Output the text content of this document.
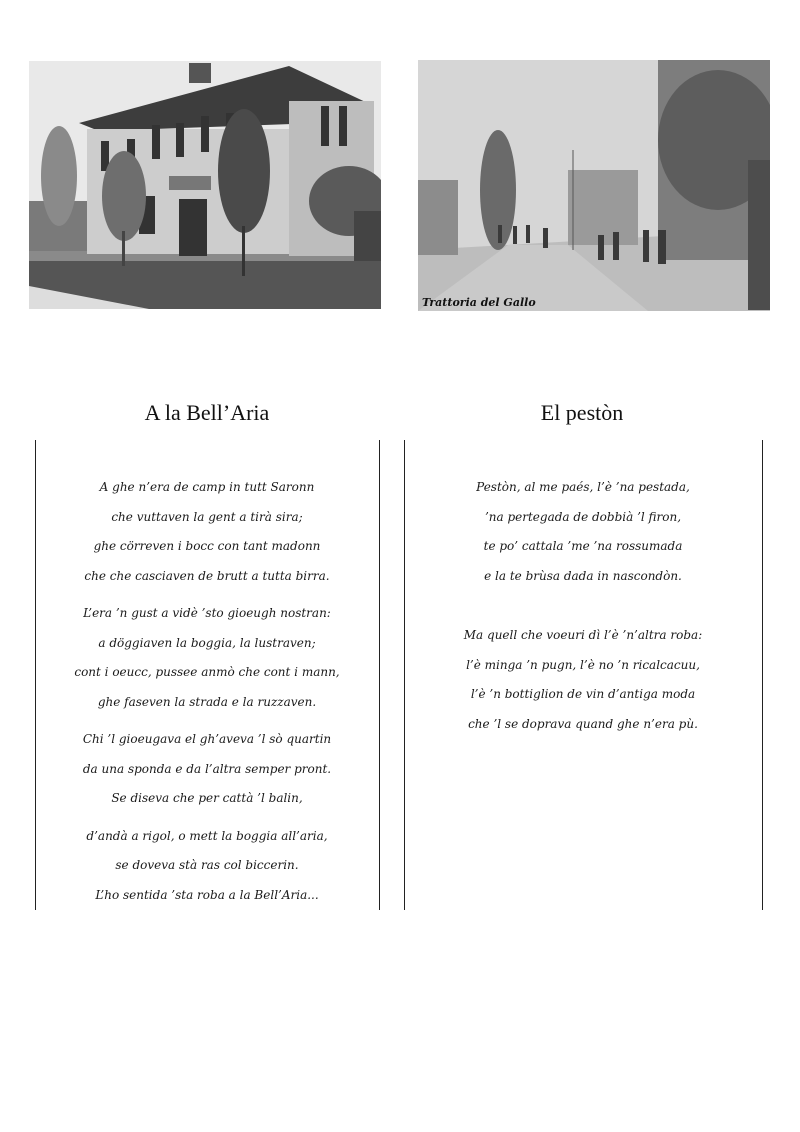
Trattoria del Gallo
A la Bell’Aria	El pestòn
A ghe n’era de camp in tutt Saronn
che vuttaven la gent a tirà sira;
ghe cörreven i bocc con tant madonn
che che casciaven de brutt a tutta birra.
L’era ’n gust a vidè ’sto gioeugh nostran:
a döggiaven la boggia, la lustraven;
cont i oeucc, pussee anmò che cont i mann,
ghe faseven la strada e la ruzzaven.
Chi ’l gioeugava el gh’aveva ’l sò quartin
da una sponda e da l’altra semper pront.
Se diseva che per cattà ’l balin,
d’andà a rigol, o mett la boggia all’aria,
se doveva stà ras col biccerin.
L’ho sentida ’sta roba a la Bell’Aria...
Pestòn, al me paés, l’è ’na pestada,
’na pertegada de dobbià ’l firon,
te po’ cattala ’me ’na rossumada
e la te brùsa dada in nascondòn.
Ma quell che voeuri dì l’è ’n’altra roba:
l’è minga ’n pugn, l’è no ’n ricalcacuu,
l’è ’n bottiglion de vin d’antiga moda
che ’l se doprava quand ghe n’era pù.
